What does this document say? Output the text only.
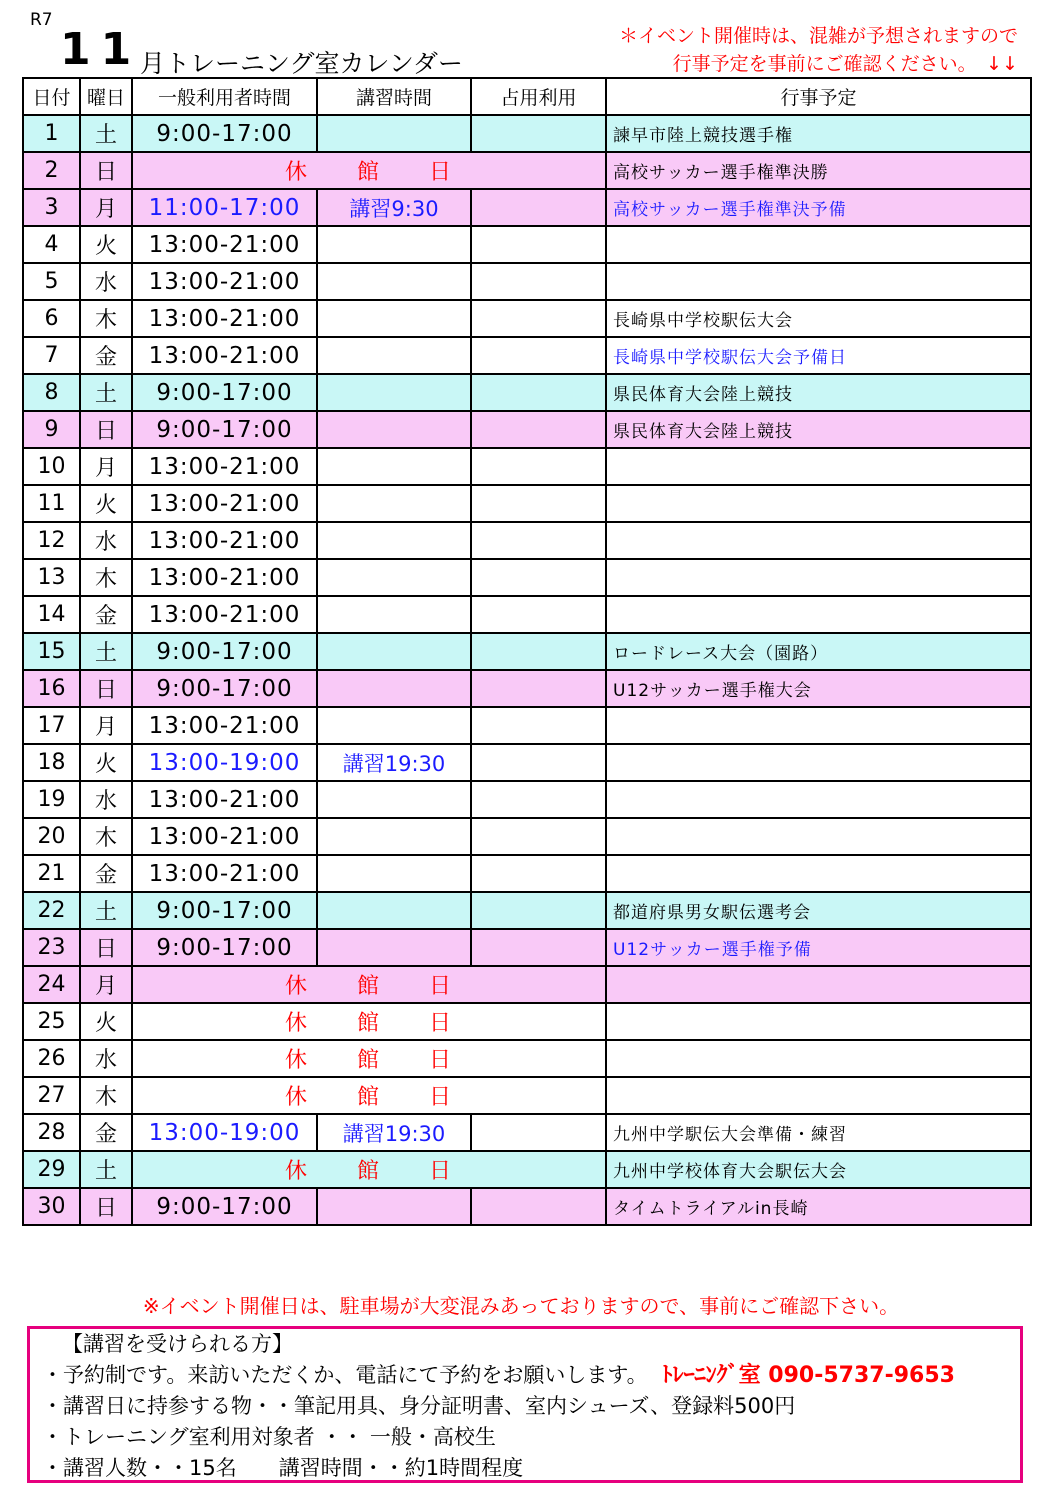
R7
11
月トレーニング室カレンダー
＊イベント開催時は、混雑が予想されますので
行事予定を事前にご確認ください。　↓↓
日付	曜日	一般利用者時間	講習時間	占用利用	行事予定
1	土	9:00-17:00			諫早市陸上競技選手権
2	日	休　　館　　日			高校サッカー選手権準決勝
3	月	11:00-17:00	講習9:30		高校サッカー選手権準決予備
4	火	13:00-21:00			
5	水	13:00-21:00			
6	木	13:00-21:00			長崎県中学校駅伝大会
7	金	13:00-21:00			長崎県中学校駅伝大会予備日
8	土	9:00-17:00			県民体育大会陸上競技
9	日	9:00-17:00			県民体育大会陸上競技
10	月	13:00-21:00			
11	火	13:00-21:00			
12	水	13:00-21:00			
13	木	13:00-21:00			
14	金	13:00-21:00			
15	土	9:00-17:00			ロードレース大会（園路）
16	日	9:00-17:00			U12サッカー選手権大会
17	月	13:00-21:00			
18	火	13:00-19:00	講習19:30		
19	水	13:00-21:00			
20	木	13:00-21:00			
21	金	13:00-21:00			
22	土	9:00-17:00			都道府県男女駅伝選考会
23	日	9:00-17:00			U12サッカー選手権予備
24	月	休　　館　　日			
25	火	休　　館　　日			
26	水	休　　館　　日			
27	木	休　　館　　日			
28	金	13:00-19:00	講習19:30		九州中学駅伝大会準備・練習
29	土	休　　館　　日			九州中学校体育大会駅伝大会
30	日	9:00-17:00			タイムトライアルin長崎
※イベント開催日は、駐車場が大変混みあっておりますので、事前にご確認下さい。
【講習を受けられる方】
・予約制です。来訪いただくか、電話にて予約をお願いします。 ﾄﾚｰﾆﾝｸﾞ室 090-5737-9653
・講習日に持参する物・・筆記用具、身分証明書、室内シューズ、登録料500円
・トレーニング室利用対象者 ・・ 一般・高校生
・講習人数・・15名　　講習時間・・約1時間程度
